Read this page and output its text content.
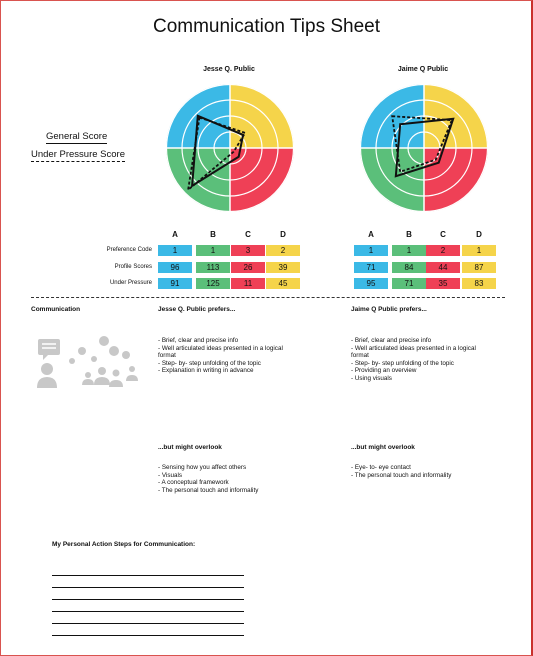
Communication Tips Sheet
General Score
Under Pressure Score
Jesse Q. Public	Jaime Q Public
A	B	C	D
Preference Code	1	1	3	2
Profile Scores	96	113	26	39
Under Pressure	91	125	11	45
A	B	C	D
1	1	2	1
71	84	44	87
95	71	35	83
Communication	Jesse Q. Public prefers...
- Brief, clear and precise info
- Well articulated ideas presented in a logical
format
- Step- by- step unfolding of the topic
- Explanation in writing in advance
...but might overlook
- Sensing how you affect others
- Visuals
- A conceptual framework
- The personal touch and informality
Jaime Q Public prefers...
- Brief, clear and precise info
- Well articulated ideas presented in a logical
format
- Step- by- step unfolding of the topic
- Providing an overview
- Using visuals
...but might overlook
- Eye- to- eye contact
- The personal touch and informality
My Personal Action Steps for Communication:
